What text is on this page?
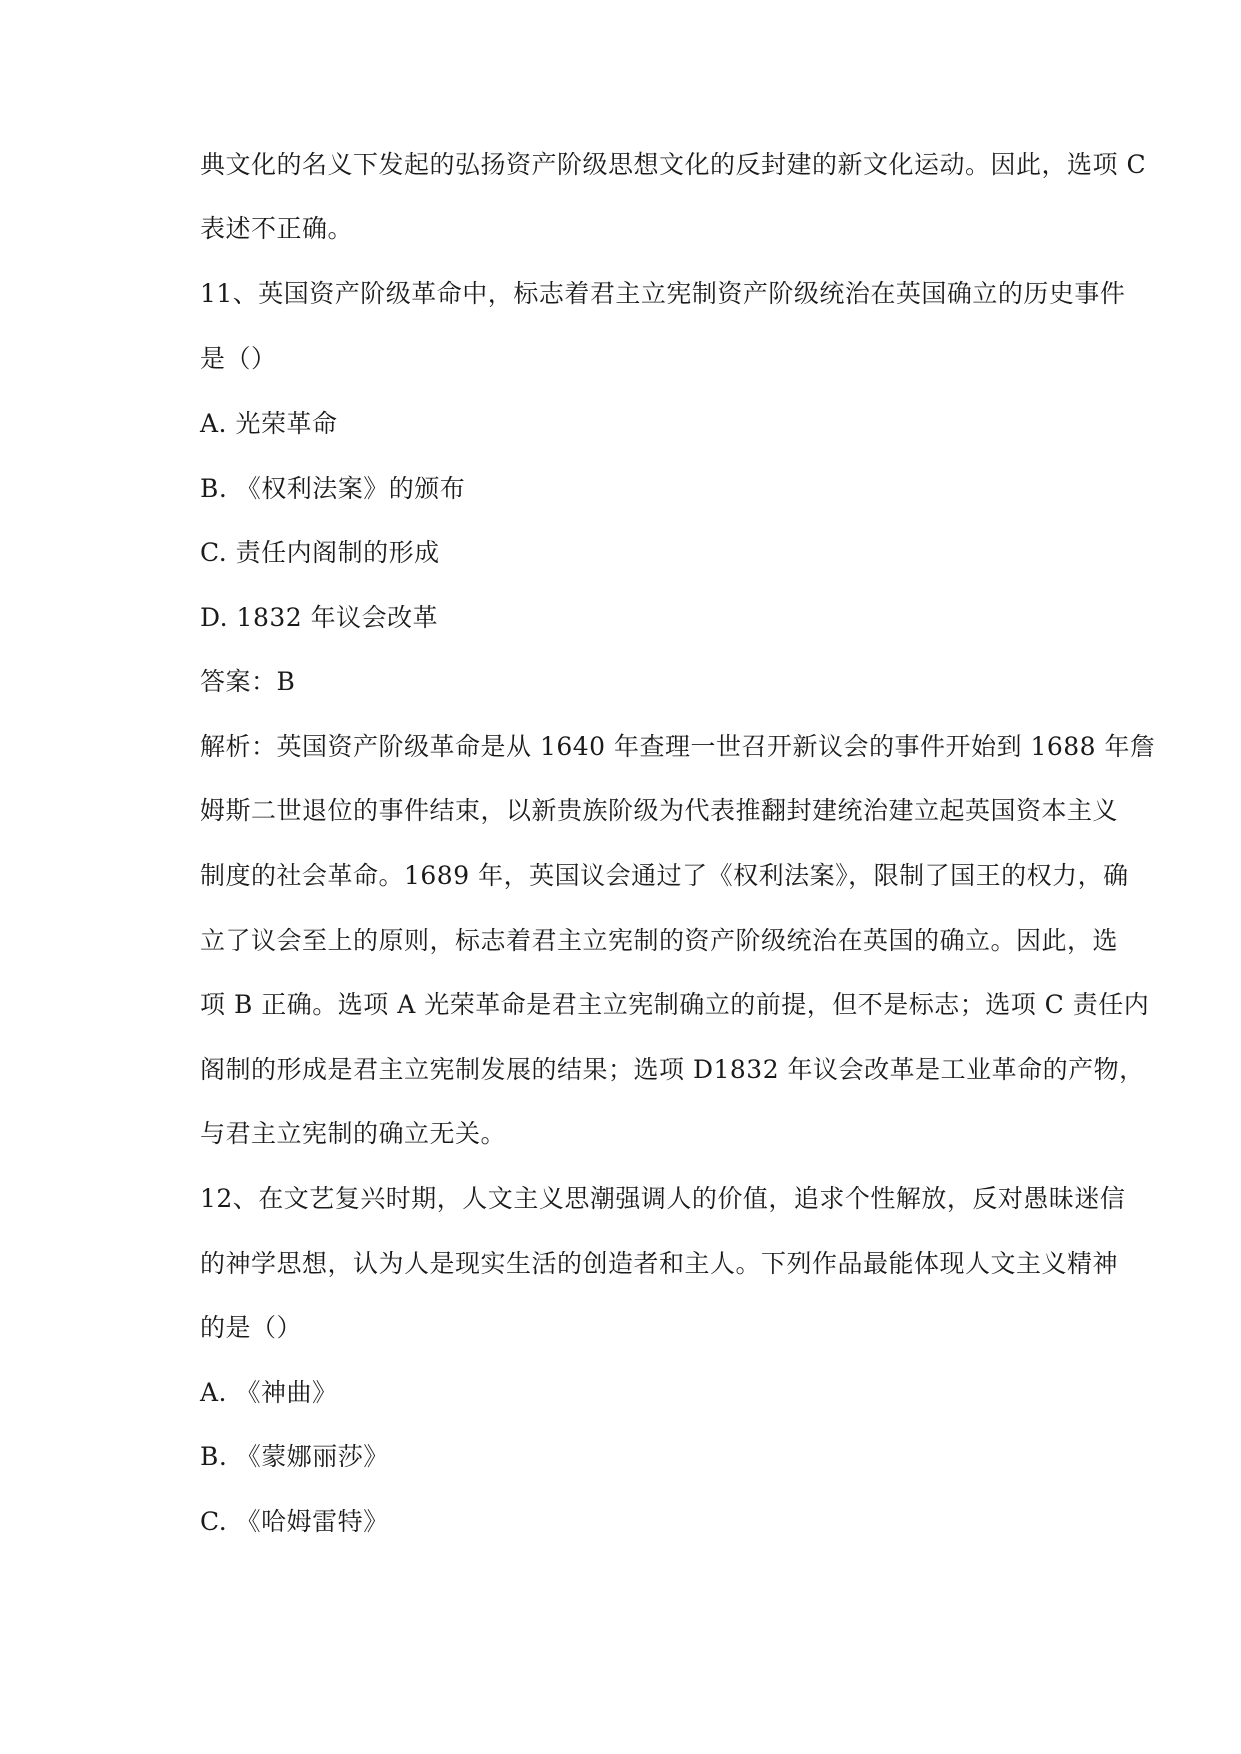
典文化的名义下发起的弘扬资产阶级思想文化的反封建的新文化运动。因此，选项 C
表述不正确。
11、英国资产阶级革命中，标志着君主立宪制资产阶级统治在英国确立的历史事件
是（）
A. 光荣革命
B. 《权利法案》的颁布
C. 责任内阁制的形成
D. 1832 年议会改革
答案：B
解析：英国资产阶级革命是从 1640 年查理一世召开新议会的事件开始到 1688 年詹
姆斯二世退位的事件结束，以新贵族阶级为代表推翻封建统治建立起英国资本主义
制度的社会革命。1689 年，英国议会通过了《权利法案》，限制了国王的权力，确
立了议会至上的原则，标志着君主立宪制的资产阶级统治在英国的确立。因此，选
项 B 正确。选项 A 光荣革命是君主立宪制确立的前提，但不是标志；选项 C 责任内
阁制的形成是君主立宪制发展的结果；选项 D1832 年议会改革是工业革命的产物，
与君主立宪制的确立无关。
12、在文艺复兴时期，人文主义思潮强调人的价值，追求个性解放，反对愚昧迷信
的神学思想，认为人是现实生活的创造者和主人。下列作品最能体现人文主义精神
的是（）
A. 《神曲》
B. 《蒙娜丽莎》
C. 《哈姆雷特》
